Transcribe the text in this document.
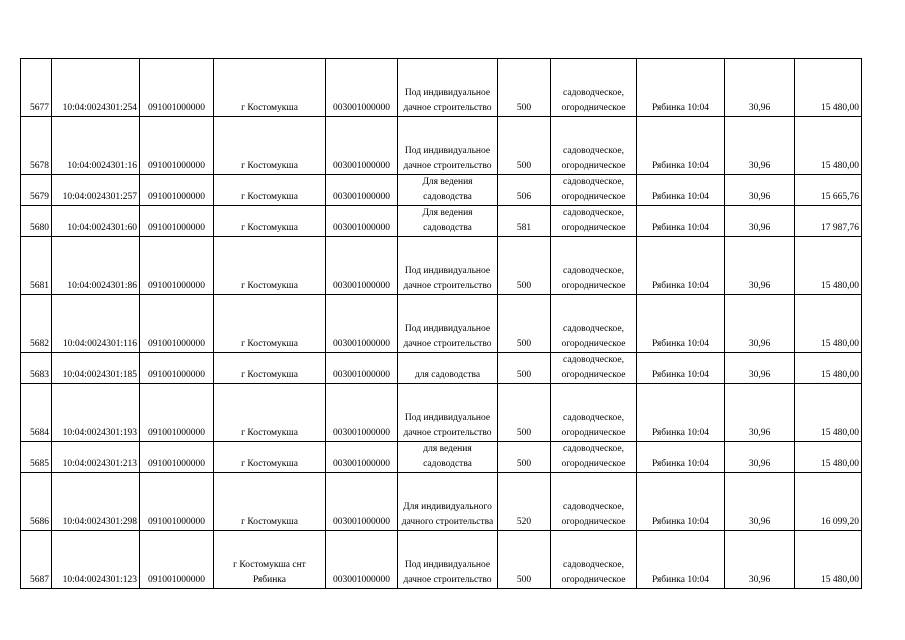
5677	10:04:0024301:254	091001000000	г Костомукша	003001000000	Под индивидуальное дачное строительство	500	садоводческое, огородническое	Рябинка 10:04	30,96	15 480,00
5678	10:04:0024301:16	091001000000	г Костомукша	003001000000	Под индивидуальное дачное строительство	500	садоводческое, огородническое	Рябинка 10:04	30,96	15 480,00
5679	10:04:0024301:257	091001000000	г Костомукша	003001000000	Для ведения садоводства	506	садоводческое, огородническое	Рябинка 10:04	30,96	15 665,76
5680	10:04:0024301:60	091001000000	г Костомукша	003001000000	Для ведения садоводства	581	садоводческое, огородническое	Рябинка 10:04	30,96	17 987,76
5681	10:04:0024301:86	091001000000	г Костомукша	003001000000	Под индивидуальное дачное строительство	500	садоводческое, огородническое	Рябинка 10:04	30,96	15 480,00
5682	10:04:0024301:116	091001000000	г Костомукша	003001000000	Под индивидуальное дачное строительство	500	садоводческое, огородническое	Рябинка 10:04	30,96	15 480,00
5683	10:04:0024301:185	091001000000	г Костомукша	003001000000	для садоводства	500	садоводческое, огородническое	Рябинка 10:04	30,96	15 480,00
5684	10:04:0024301:193	091001000000	г Костомукша	003001000000	Под индивидуальное дачное строительство	500	садоводческое, огородническое	Рябинка 10:04	30,96	15 480,00
5685	10:04:0024301:213	091001000000	г Костомукша	003001000000	для ведения садоводства	500	садоводческое, огородническое	Рябинка 10:04	30,96	15 480,00
5686	10:04:0024301:298	091001000000	г Костомукша	003001000000	Для индивидуального дачного строительства	520	садоводческое, огородническое	Рябинка 10:04	30,96	16 099,20
5687	10:04:0024301:123	091001000000	г Костомукша снт Рябинка	003001000000	Под индивидуальное дачное строительство	500	садоводческое, огородническое	Рябинка 10:04	30,96	15 480,00
